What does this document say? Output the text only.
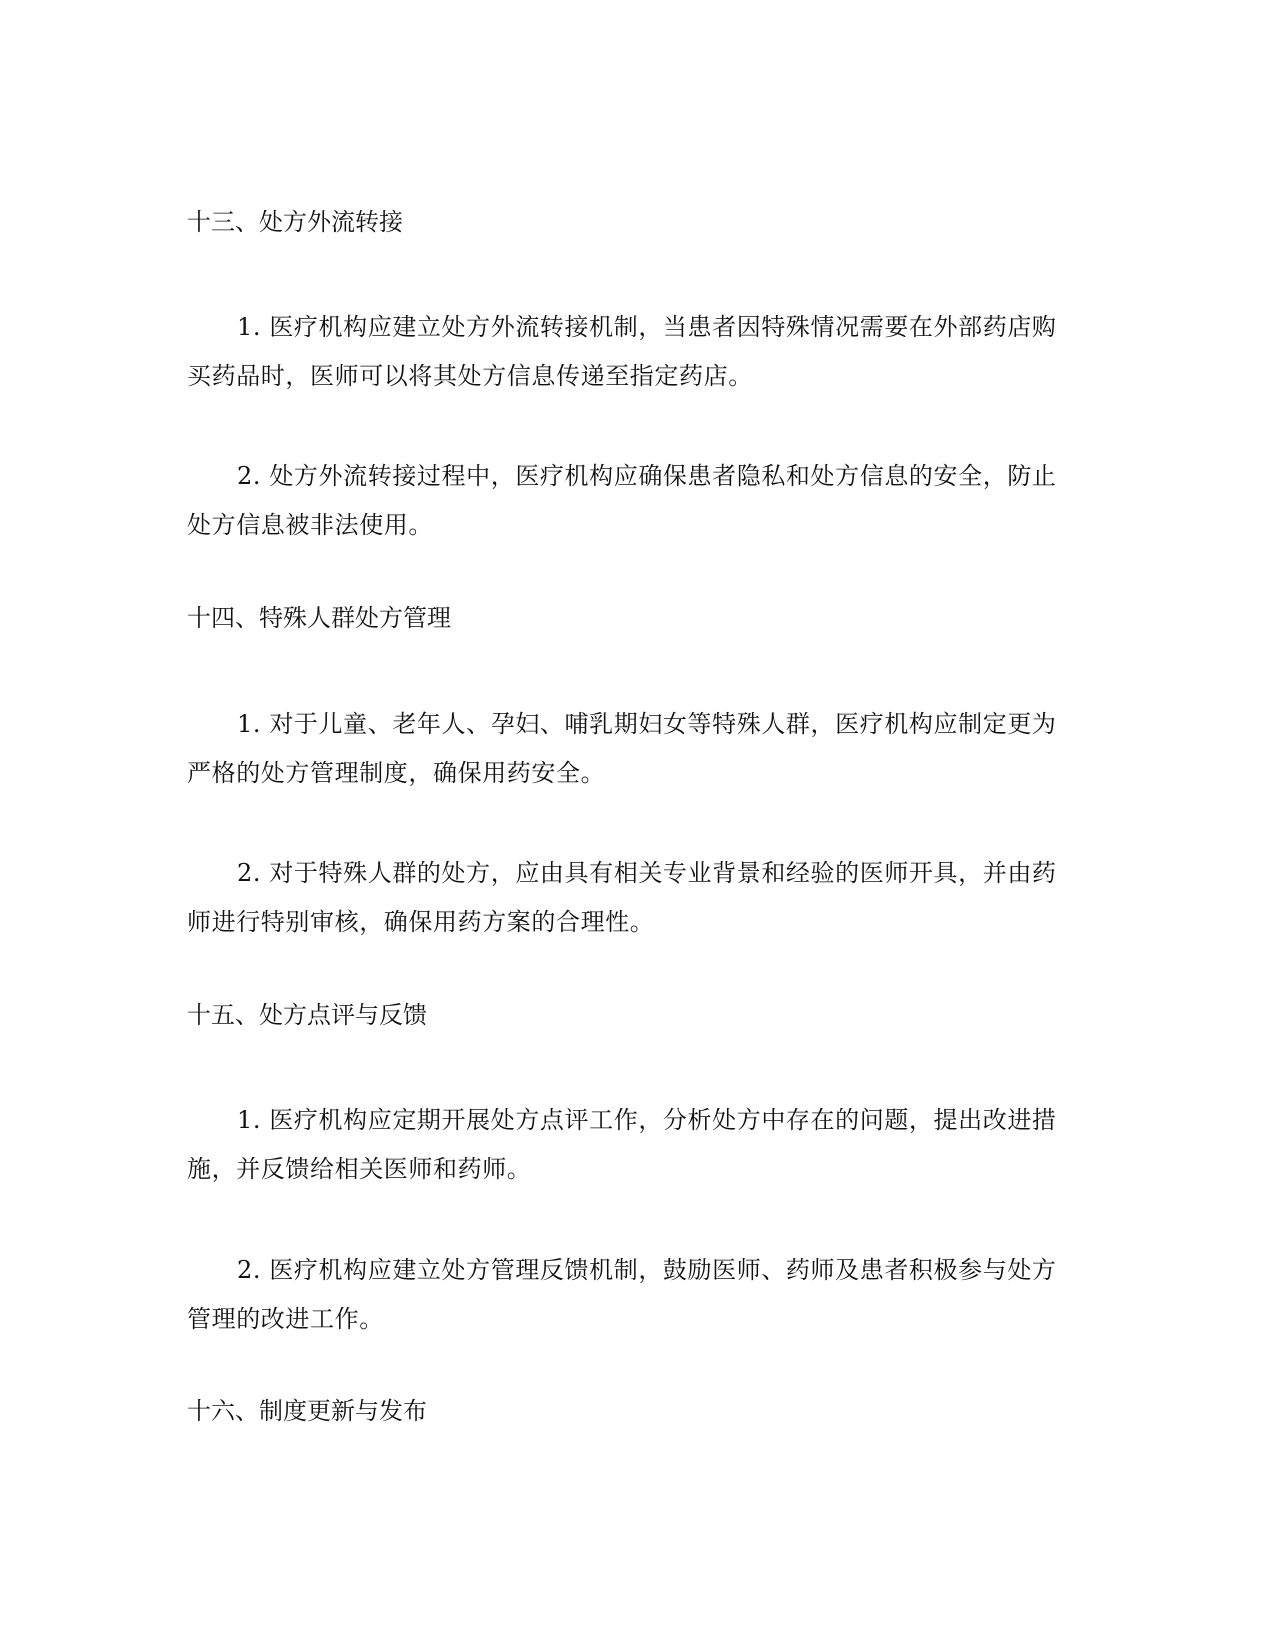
十三、处方外流转接
1. 医疗机构应建立处方外流转接机制，当患者因特殊情况需要在外部药店购买药品时，医师可以将其处方信息传递至指定药店。
2. 处方外流转接过程中，医疗机构应确保患者隐私和处方信息的安全，防止处方信息被非法使用。
十四、特殊人群处方管理
1. 对于儿童、老年人、孕妇、哺乳期妇女等特殊人群，医疗机构应制定更为严格的处方管理制度，确保用药安全。
2. 对于特殊人群的处方，应由具有相关专业背景和经验的医师开具，并由药师进行特别审核，确保用药方案的合理性。
十五、处方点评与反馈
1. 医疗机构应定期开展处方点评工作，分析处方中存在的问题，提出改进措施，并反馈给相关医师和药师。
2. 医疗机构应建立处方管理反馈机制，鼓励医师、药师及患者积极参与处方管理的改进工作。
十六、制度更新与发布
